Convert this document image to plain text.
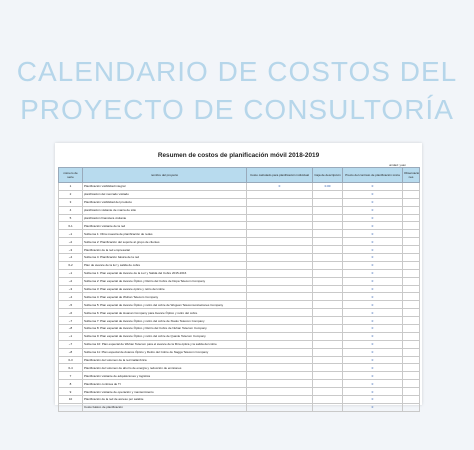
CALENDARIO DE COSTOS DEL
PROYECTO DE CONSULTORÍA
Resumen de costos de planificación móvil 2018-2019
unidad: yuan
número de serie	nombre del proyecto	Costo calculado para planificación individual	Caja de descripción	Precio del contrato de planificación única	Observacio nes
1	Planificación visibilidad integral	0	0.00	0	
2	planificación del mercado visitado			0	
3	Planificación visibilidad del producto			0	
4	planificación visitante de marca de sitio			0	
5	planificación financiera visitante			0	
6-1	Planificación visitante de la red			0	
~1	Subtema 1: Obra maestra de planificación de redes			0	
~2	Subtema 2: Planificación del soporte al grupo de clientes			0	
~3	Planificación de la red empresarial			0	
~4	Subtema 4: Planificación básica de la red			0	
6-2	Plan de avance de la luz y salida de cobre			0	
~1	Subtema 1: Plan especial de Avance de la Luz y Salida del Cobre 2015-2016			0	
~2	Subtema 2: Plan especial de Avance Óptico y Retiro del Cobre de Dopa Telecom Company			0	
~3	Subtema 3: Plan especial de avance óptico y retiro del cobre			0	
~4	Subtema 4: Plan especial de Wuhan Telecom Company			0	
~5	Subtema 5: Plan especial de Avance Óptico y retiro del cobre de Wuguan Telecomunicaciones Company			0	
~6	Subtema 6: Plan especial de Huanan Company para Avance Óptico y retiro del cobre			0	
~7	Subtema 7: Plan especial de Avance Óptico y retiro del cobre de Xiaolo Telecom Company			0	
~8	Subtema 8: Plan especial de Avance Óptico y Retiro del Cobre de Nuhan Telecom Company			0	
~1	Subtema 9: Plan especial de Avance Óptico y retiro del cobre de Quanle Telecom Company			0	
~7	Subtema 10: Plan especial de Wuhan Telecom para el avance de la fibra óptica y la salida del cobre			0	
~8	Subtema 11: Plan especial de Avance Óptico y Retiro del Cobre de Nagga Telecom Company			0	
6-3	Planificación del volumen de la red inalámbrica			0	
6-4	Planificación del volumen de ahorro de energía y reducción de emisiones			0	
7	Planificación visitante de adquisiciones y logística			0	
8	Planificación continua de TI			0	
9	Planificación visitante de operación y mantenimiento			0	
10	Planificación de la red de acceso por satélite			0	
	Costo básico de planificación			0	
